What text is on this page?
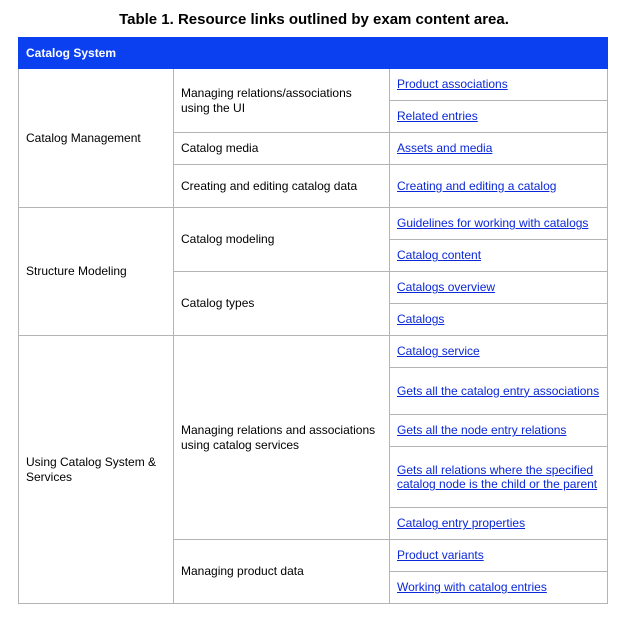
Table 1. Resource links outlined by exam content area.
Catalog System		
Catalog Management	Managing relations/associations using the UI	Product associations
		Related entries
	Catalog media	Assets and media
	Creating and editing catalog data	Creating and editing a catalog
Structure Modeling	Catalog modeling	Guidelines for working with catalogs
		Catalog content
	Catalog types	Catalogs overview
		Catalogs
Using Catalog System & Services	Managing relations and associations using catalog services	Catalog service
		Gets all the catalog entry associations
		Gets all the node entry relations
		Gets all relations where the specified catalog node is the child or the parent
		Catalog entry properties
	Managing product data	Product variants
		Working with catalog entries
